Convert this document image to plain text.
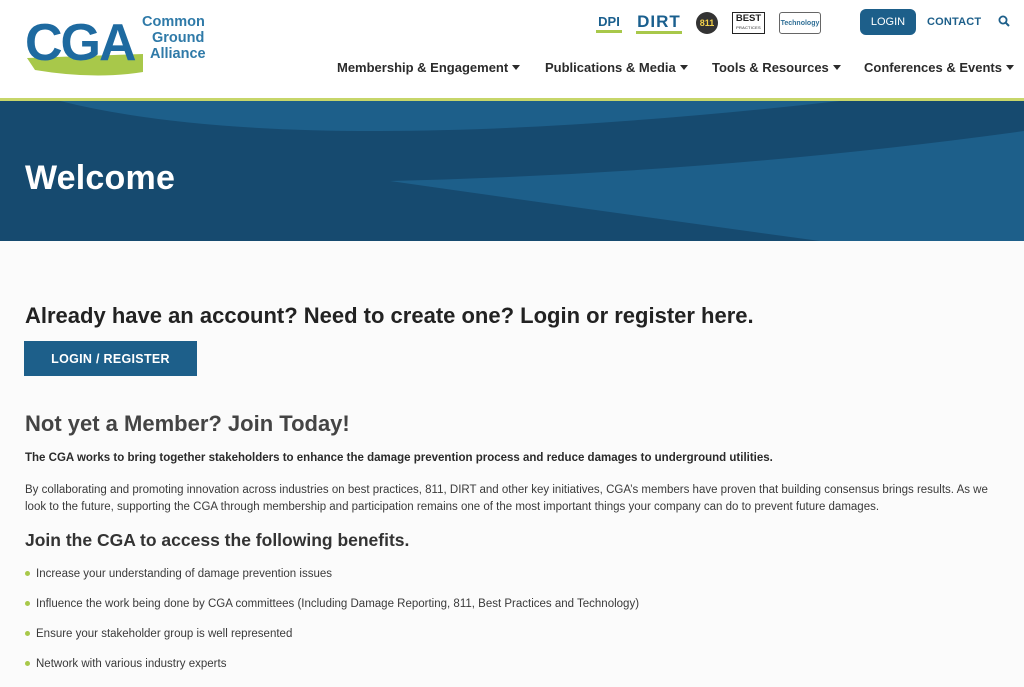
CGA Common
Ground
Alliance
DPI DIRT	811	BEST
PRACTICES
Technology	LOGIN	CONTACT
Membership & Engagement	Publications & Media	Tools & Resources	Conferences & Events
Welcome
Already have an account? Need to create one? Login or register here.
LOGIN / REGISTER
Not yet a Member? Join Today!
The CGA works to bring together stakeholders to enhance the damage prevention process and reduce damages to underground utilities.
By collaborating and promoting innovation across industries on best practices, 811, DIRT and other key initiatives, CGA’s members have proven that building consensus brings results. As we look to the future, supporting the CGA through membership and participation remains one of the most important things your company can do to prevent future damages.
Join the CGA to access the following benefits.
Increase your understanding of damage prevention issues
Influence the work being done by CGA committees (Including Damage Reporting, 811, Best Practices and Technology)
Ensure your stakeholder group is well represented
Network with various industry experts
